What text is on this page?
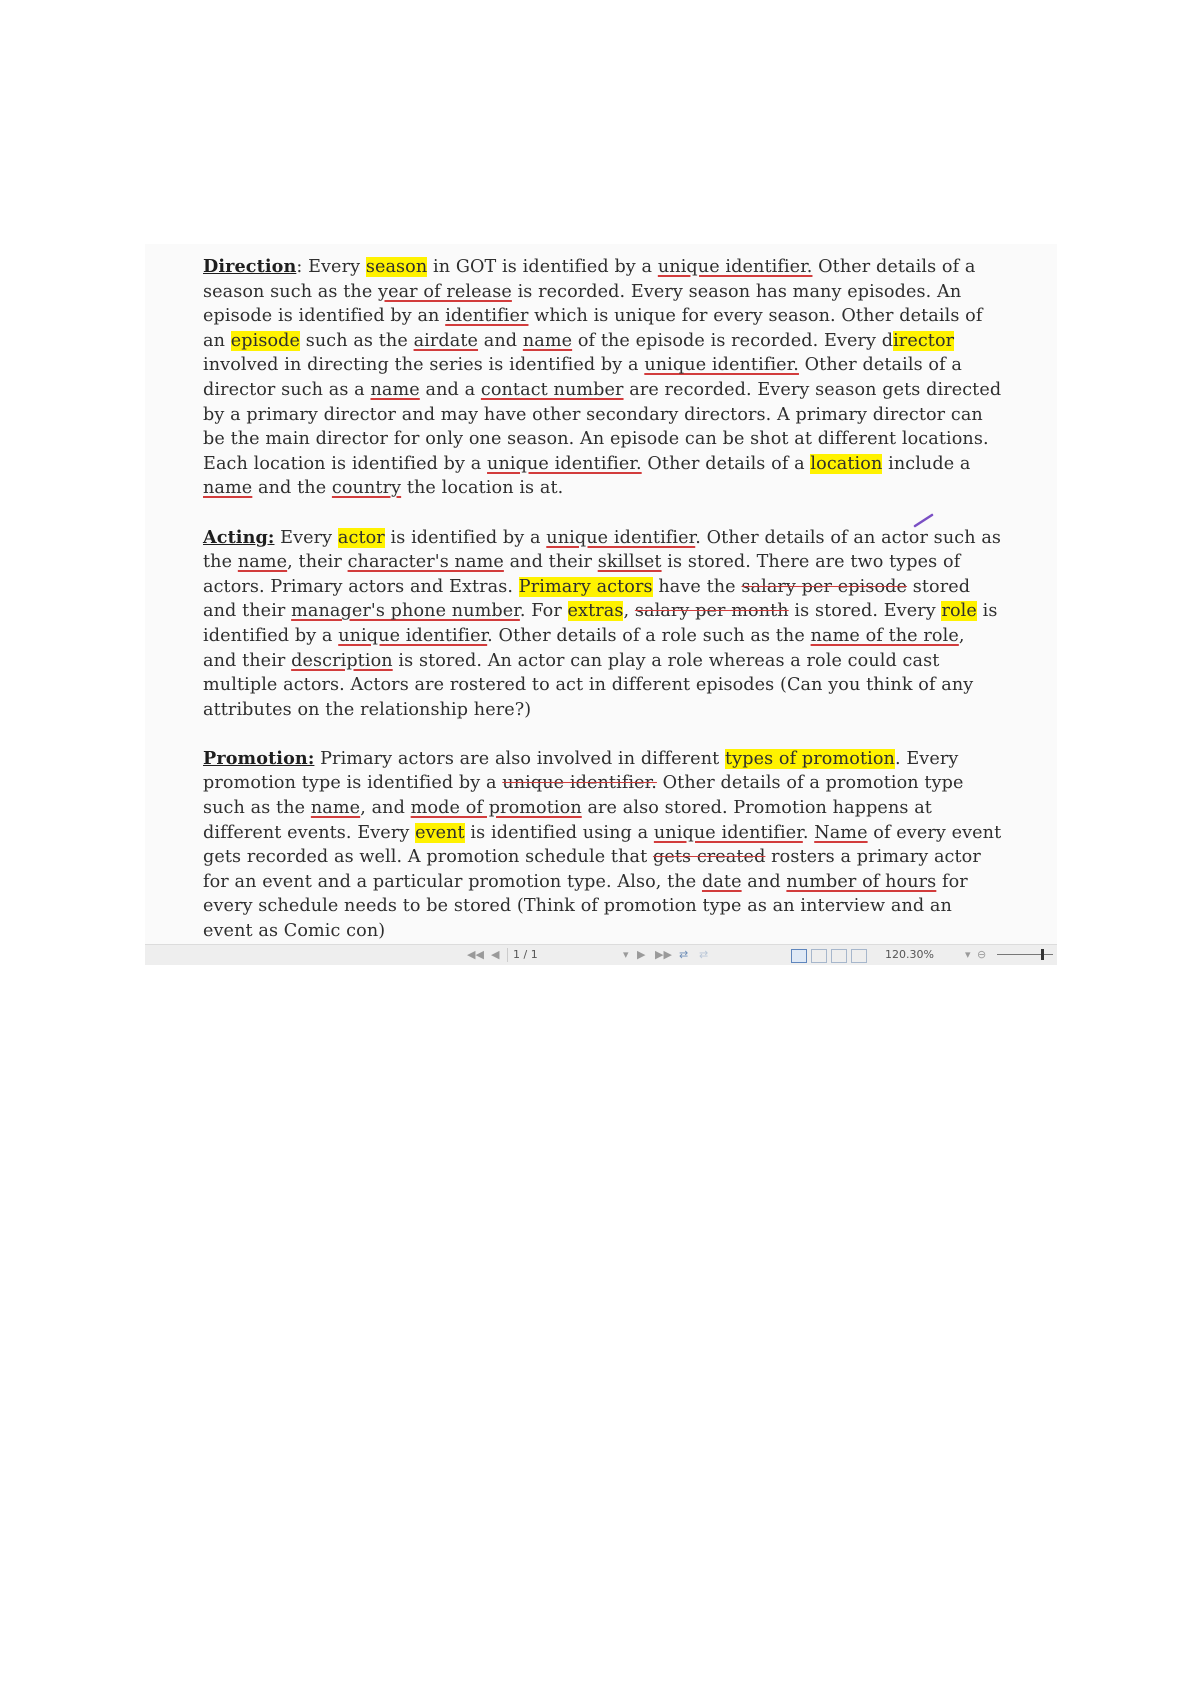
Direction: Every season in GOT is identified by a unique identifier. Other details of a season such as the year of release is recorded. Every season has many episodes. An episode is identified by an identifier which is unique for every season. Other details of an episode such as the airdate and name of the episode is recorded. Every director involved in directing the series is identified by a unique identifier. Other details of a director such as a name and a contact number are recorded. Every season gets directed by a primary director and may have other secondary directors. A primary director can be the main director for only one season. An episode can be shot at different locations. Each location is identified by a unique identifier. Other details of a location include a name and the country the location is at.

Acting: Every actor is identified by a unique identifier. Other details of an actor such as the name, their character's name and their skillset is stored. There are two types of actors. Primary actors and Extras. Primary actors have the salary per episode stored and their manager's phone number. For extras, salary per month is stored. Every role is identified by a unique identifier. Other details of a role such as the name of the role, and their description is stored. An actor can play a role whereas a role could cast multiple actors. Actors are rostered to act in different episodes (Can you think of any attributes on the relationship here?)

Promotion: Primary actors are also involved in different types of promotion. Every promotion type is identified by a unique identifier. Other details of a promotion type such as the name, and mode of promotion are also stored. Promotion happens at different events. Every event is identified using a unique identifier. Name of every event gets recorded as well. A promotion schedule that gets created rosters a primary actor for an event and a particular promotion type. Also, the date and number of hours for every schedule needs to be stored (Think of promotion type as an interview and an event as Comic con)

◀◀ ◀	1 / 1	▾ ▶ ▶▶ ⇄ ⇄	120.30%	▾ ⊖
